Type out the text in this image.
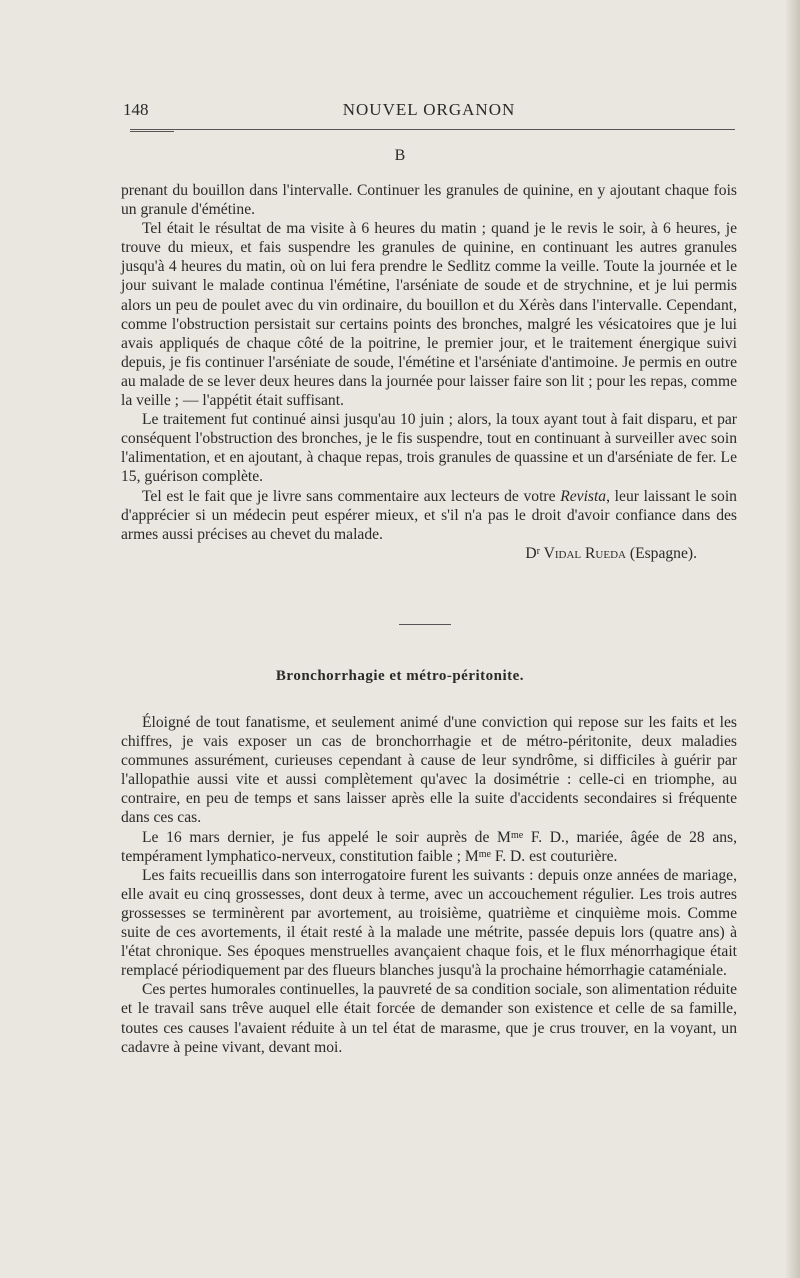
148	NOUVEL ORGANON
B

prenant du bouillon dans l'intervalle. Continuer les granules de quinine, en y ajoutant chaque fois un granule d'émétine.

Tel était le résultat de ma visite à 6 heures du matin ; quand je le revis le soir, à 6 heures, je trouve du mieux, et fais suspendre les granules de quinine, en continuant les autres granules jusqu'à 4 heures du matin, où on lui fera prendre le Sedlitz comme la veille. Toute la journée et le jour suivant le malade continua l'émétine, l'arséniate de soude et de strychnine, et je lui permis alors un peu de poulet avec du vin ordinaire, du bouillon et du Xérès dans l'intervalle. Cependant, comme l'obstruction persistait sur certains points des bronches, malgré les vésicatoires que je lui avais appliqués de chaque côté de la poitrine, le premier jour, et le traitement énergique suivi depuis, je fis continuer l'arséniate de soude, l'émétine et l'arséniate d'antimoine. Je permis en outre au malade de se lever deux heures dans la journée pour laisser faire son lit ; pour les repas, comme la veille ; — l'appétit était suffisant.

Le traitement fut continué ainsi jusqu'au 10 juin ; alors, la toux ayant tout à fait disparu, et par conséquent l'obstruction des bronches, je le fis suspendre, tout en continuant à surveiller avec soin l'alimentation, et en ajoutant, à chaque repas, trois granules de quassine et un d'arséniate de fer. Le 15, guérison complète.

Tel est le fait que je livre sans commentaire aux lecteurs de votre Revista, leur laissant le soin d'apprécier si un médecin peut espérer mieux, et s'il n'a pas le droit d'avoir confiance dans des armes aussi précises au chevet du malade.

$D^r$ Vidal Rueda (Espagne).

Bronchorrhagie et métro-péritonite.

Éloigné de tout fanatisme, et seulement animé d'une conviction qui repose sur les faits et les chiffres, je vais exposer un cas de bronchorrhagie et de métro-péritonite, deux maladies communes assurément, curieuses cependant à cause de leur syndrôme, si difficiles à guérir par l'allopathie aussi vite et aussi complètement qu'avec la dosimétrie : celle-ci en triomphe, au contraire, en peu de temps et sans laisser après elle la suite d'accidents secondaires si fréquente dans ces cas.

Le 16 mars dernier, je fus appelé le soir auprès de $M^{me}$ F. D., mariée, âgée de 28 ans, tempérament lymphatico-nerveux, constitution faible ; $M^{me}$ F. D. est couturière.

Les faits recueillis dans son interrogatoire furent les suivants : depuis onze années de mariage, elle avait eu cinq grossesses, dont deux à terme, avec un accouchement régulier. Les trois autres grossesses se terminèrent par avortement, au troisième, quatrième et cinquième mois. Comme suite de ces avortements, il était resté à la malade une métrite, passée depuis lors (quatre ans) à l'état chronique. Ses époques menstruelles avançaient chaque fois, et le flux ménorrhagique était remplacé périodiquement par des flueurs blanches jusqu'à la prochaine hémorrhagie cataméniale.

Ces pertes humorales continuelles, la pauvreté de sa condition sociale, son alimentation réduite et le travail sans trêve auquel elle était forcée de demander son existence et celle de sa famille, toutes ces causes l'avaient réduite à un tel état de marasme, que je crus trouver, en la voyant, un cadavre à peine vivant, devant moi.
